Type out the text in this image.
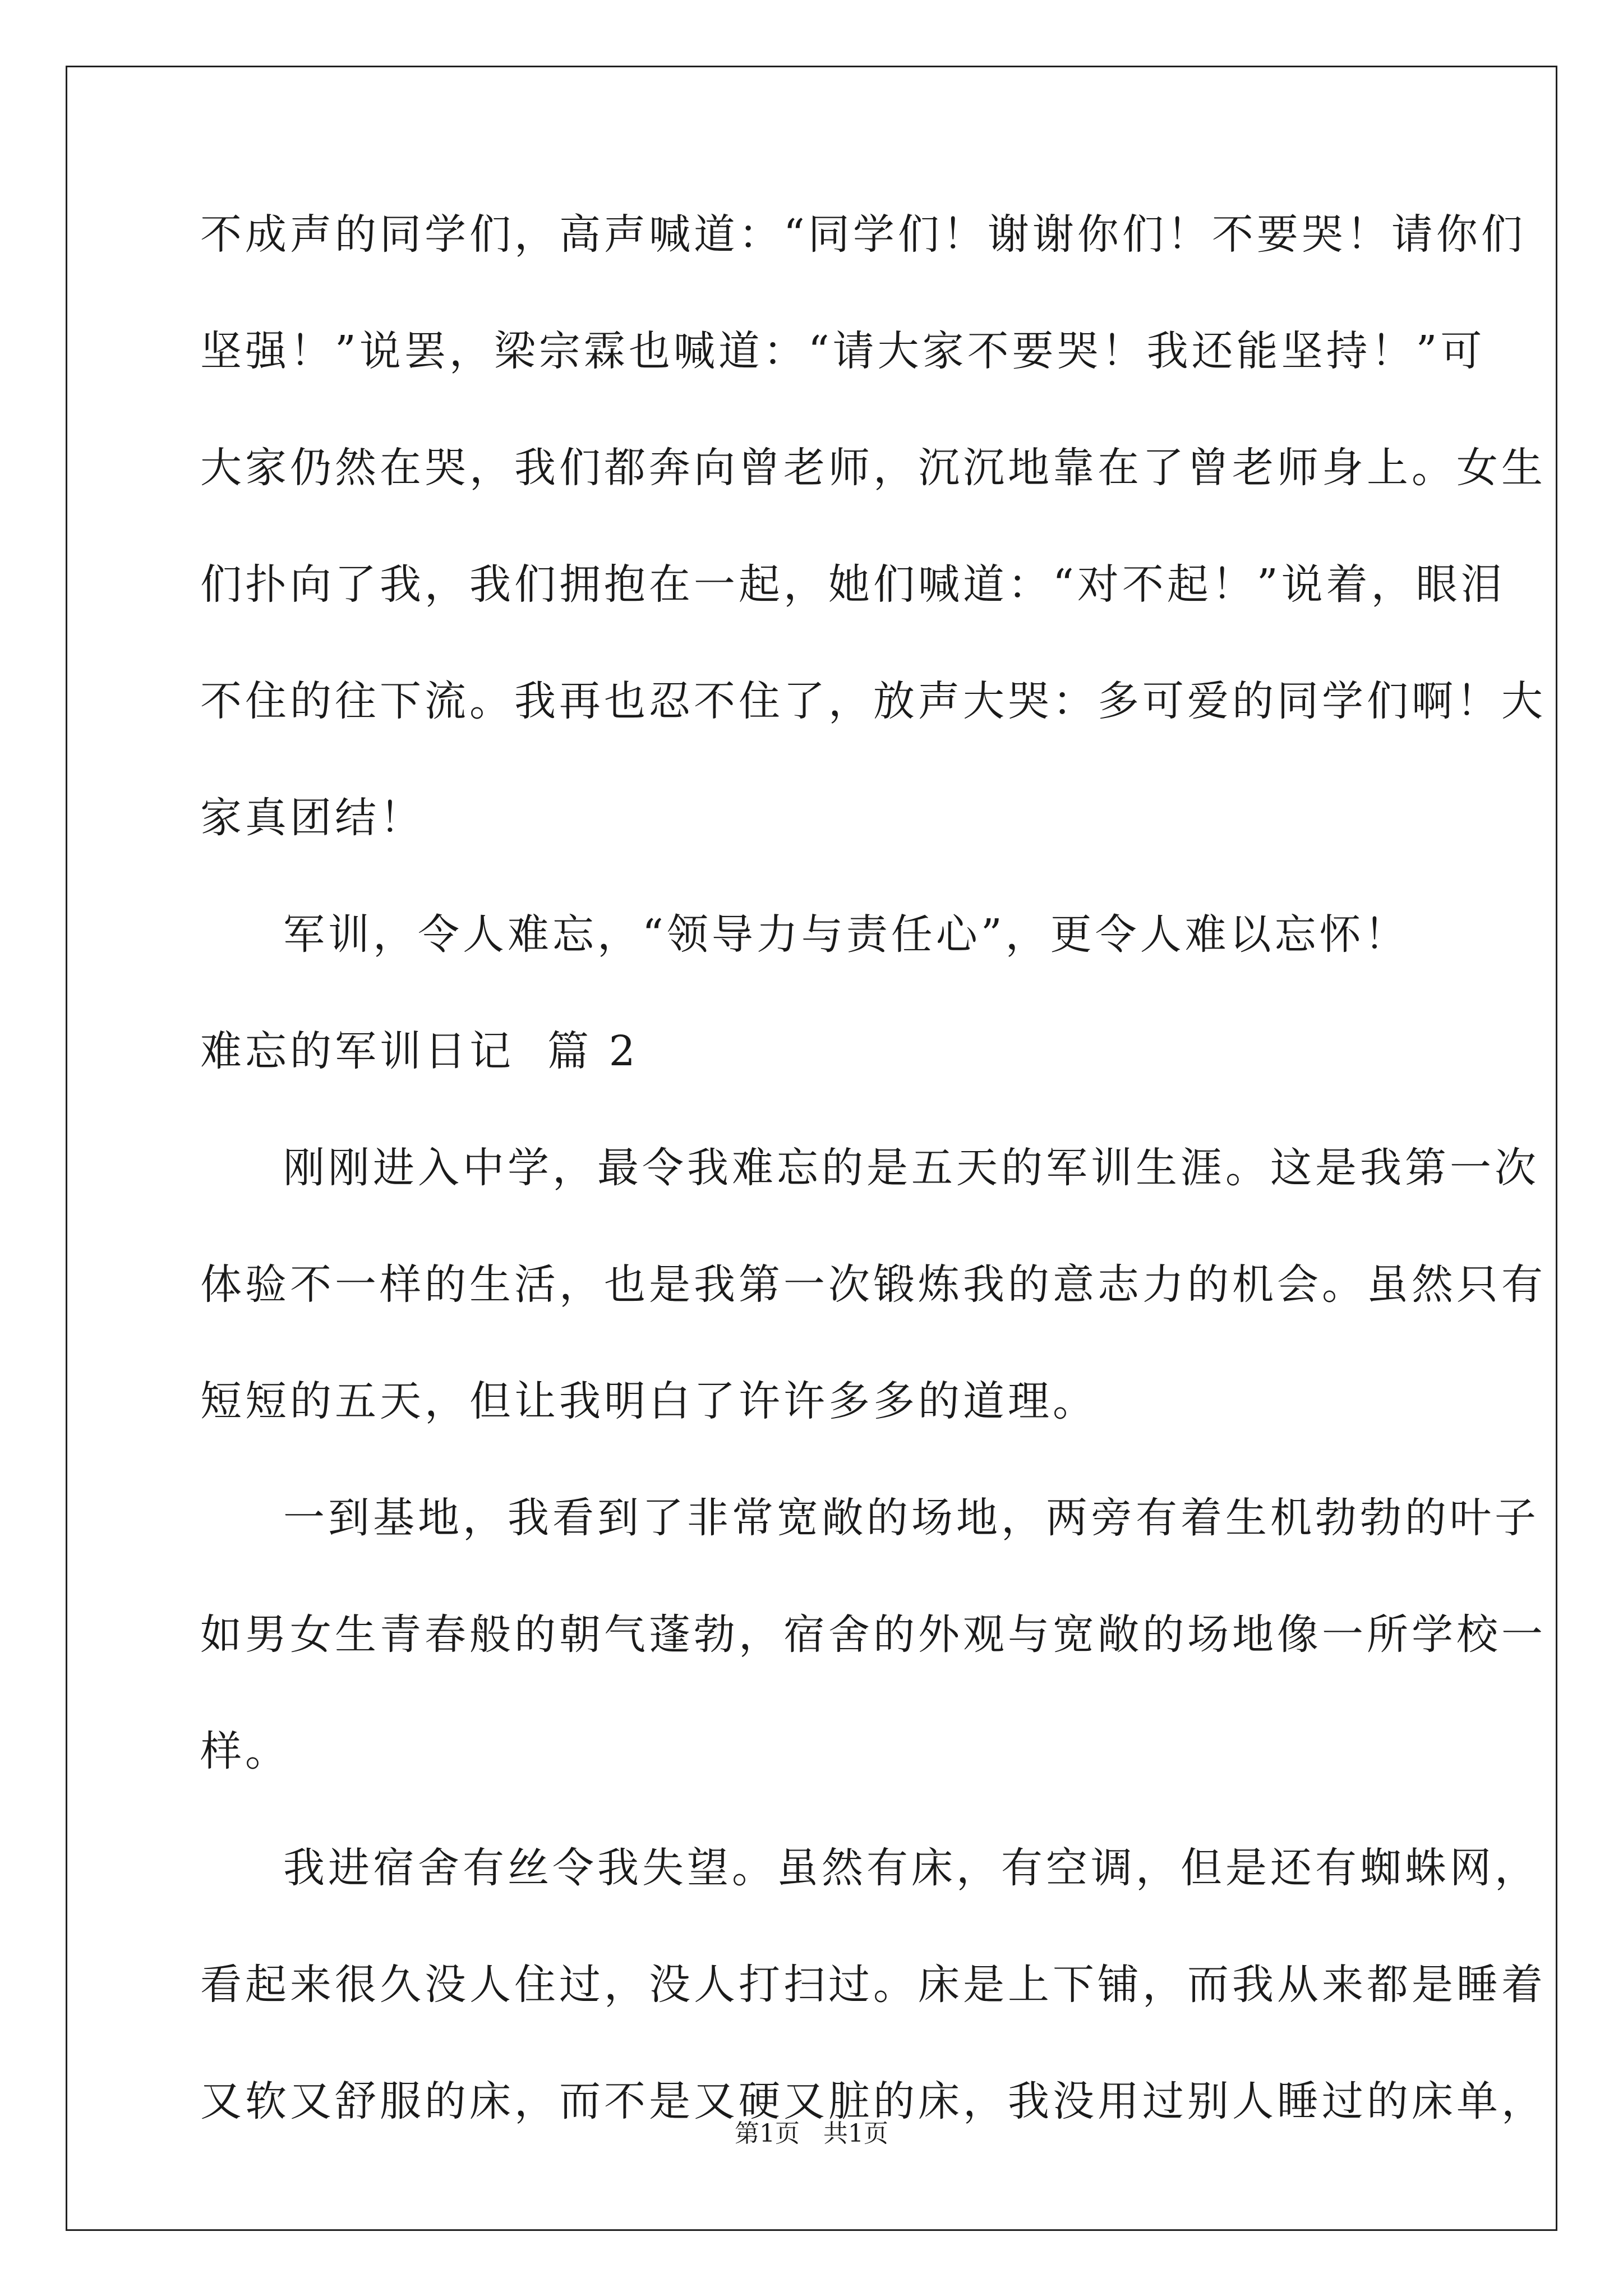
不成声的同学们，高声喊道：“同学们！谢谢你们！不要哭！请你们
坚强！”说罢，梁宗霖也喊道：“请大家不要哭！我还能坚持！”可
大家仍然在哭，我们都奔向曾老师，沉沉地靠在了曾老师身上。女生
们扑向了我，我们拥抱在一起，她们喊道：“对不起！”说着，眼泪
不住的往下流。我再也忍不住了，放声大哭：多可爱的同学们啊！大
家真团结！
军训，令人难忘，“领导力与责任心”，更令人难以忘怀！
难忘的军训日记  篇 2
刚刚进入中学，最令我难忘的是五天的军训生涯。这是我第一次
体验不一样的生活，也是我第一次锻炼我的意志力的机会。虽然只有
短短的五天，但让我明白了许许多多的道理。
一到基地，我看到了非常宽敞的场地，两旁有着生机勃勃的叶子
如男女生青春般的朝气蓬勃，宿舍的外观与宽敞的场地像一所学校一
样。
我进宿舍有丝令我失望。虽然有床，有空调，但是还有蜘蛛网，
看起来很久没人住过，没人打扫过。床是上下铺，而我从来都是睡着
又软又舒服的床，而不是又硬又脏的床，我没用过别人睡过的床单，
第1页 共1页
